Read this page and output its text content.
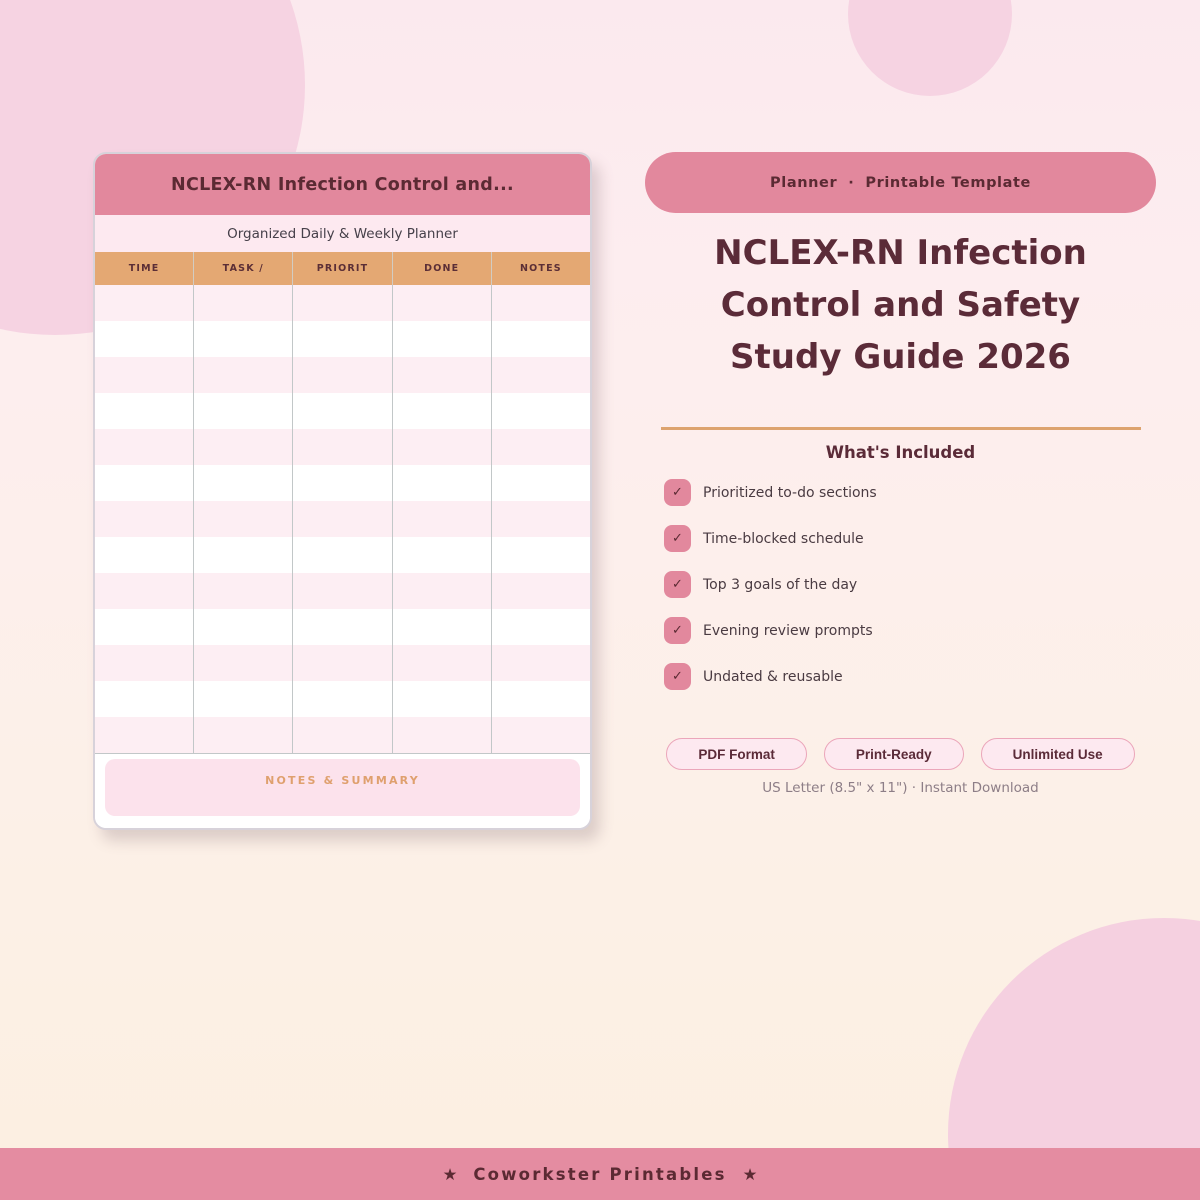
NCLEX-RN Infection Control and...
Organized Daily & Weekly Planner
TIME	TASK /	PRIORIT	DONE	NOTES
NOTES & SUMMARY
Planner · Printable Template
NCLEX-RN Infection
Control and Safety
Study Guide 2026
What's Included
✓	Prioritized to-do sections
✓	Time-blocked schedule
✓	Top 3 goals of the day
✓	Evening review prompts
✓	Undated & reusable
PDF Format	Print-Ready	Unlimited Use
US Letter (8.5" x 11") · Instant Download
★ Coworkster Printables ★
